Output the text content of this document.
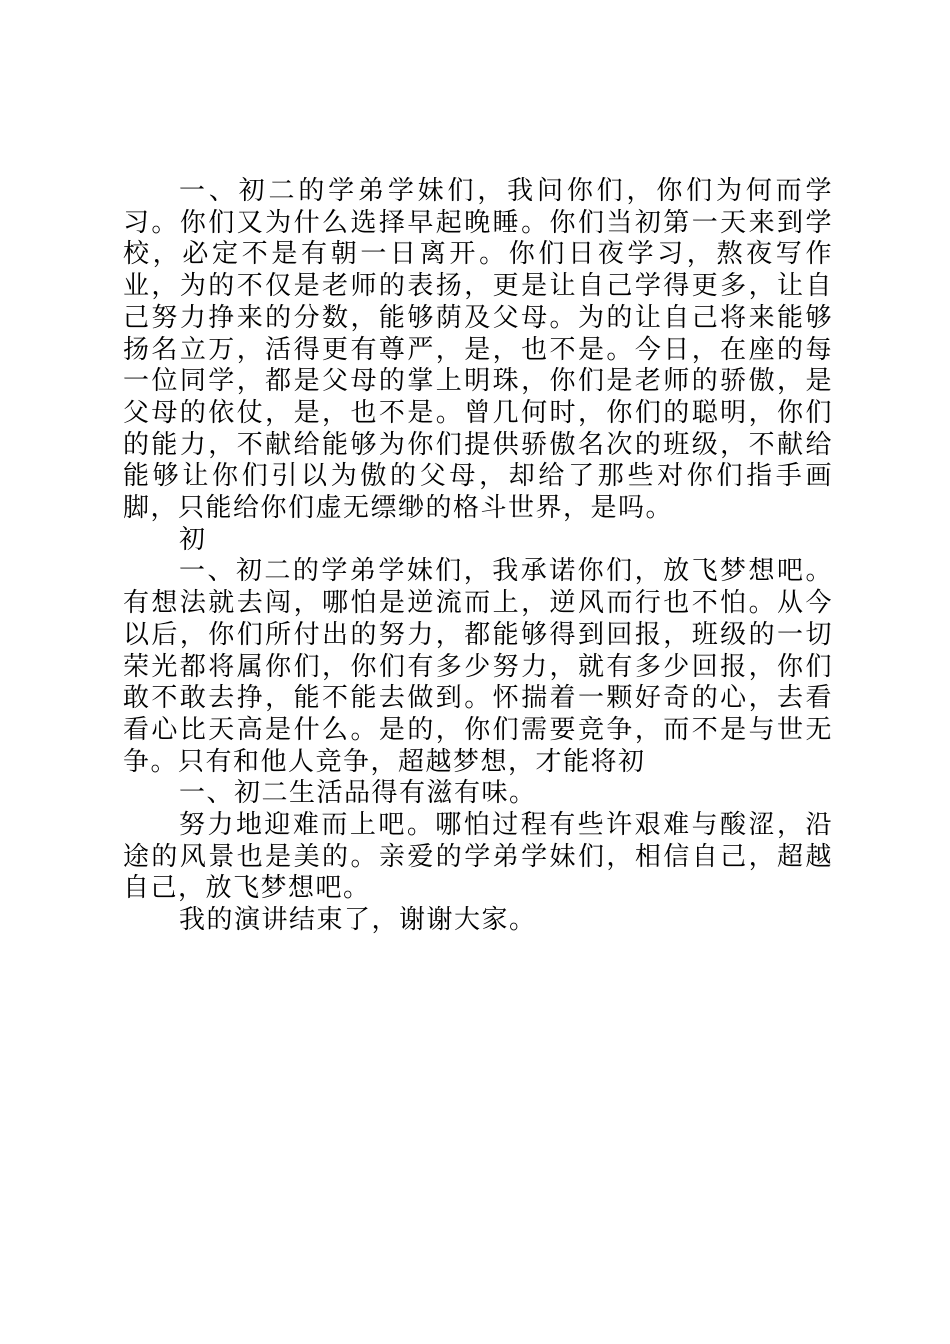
一、初二的学弟学妹们，我问你们，你们为何而学习。你们又为什么选择早起晚睡。你们当初第一天来到学校，必定不是有朝一日离开。你们日夜学习，熬夜写作业，为的不仅是老师的表扬，更是让自己学得更多，让自己努力挣来的分数，能够荫及父母。为的让自己将来能够扬名立万，活得更有尊严，是，也不是。今日，在座的每一位同学，都是父母的掌上明珠，你们是老师的骄傲，是父母的依仗，是，也不是。曾几何时，你们的聪明，你们的能力，不献给能够为你们提供骄傲名次的班级，不献给能够让你们引以为傲的父母，却给了那些对你们指手画脚，只能给你们虚无缥缈的格斗世界，是吗。

初

一、初二的学弟学妹们，我承诺你们，放飞梦想吧。有想法就去闯，哪怕是逆流而上，逆风而行也不怕。从今以后，你们所付出的努力，都能够得到回报，班级的一切荣光都将属你们，你们有多少努力，就有多少回报，你们敢不敢去挣，能不能去做到。怀揣着一颗好奇的心，去看看心比天高是什么。是的，你们需要竞争，而不是与世无争。只有和他人竞争，超越梦想，才能将初

一、初二生活品得有滋有味。

努力地迎难而上吧。哪怕过程有些许艰难与酸涩，沿途的风景也是美的。亲爱的学弟学妹们，相信自己，超越自己，放飞梦想吧。

我的演讲结束了，谢谢大家。
